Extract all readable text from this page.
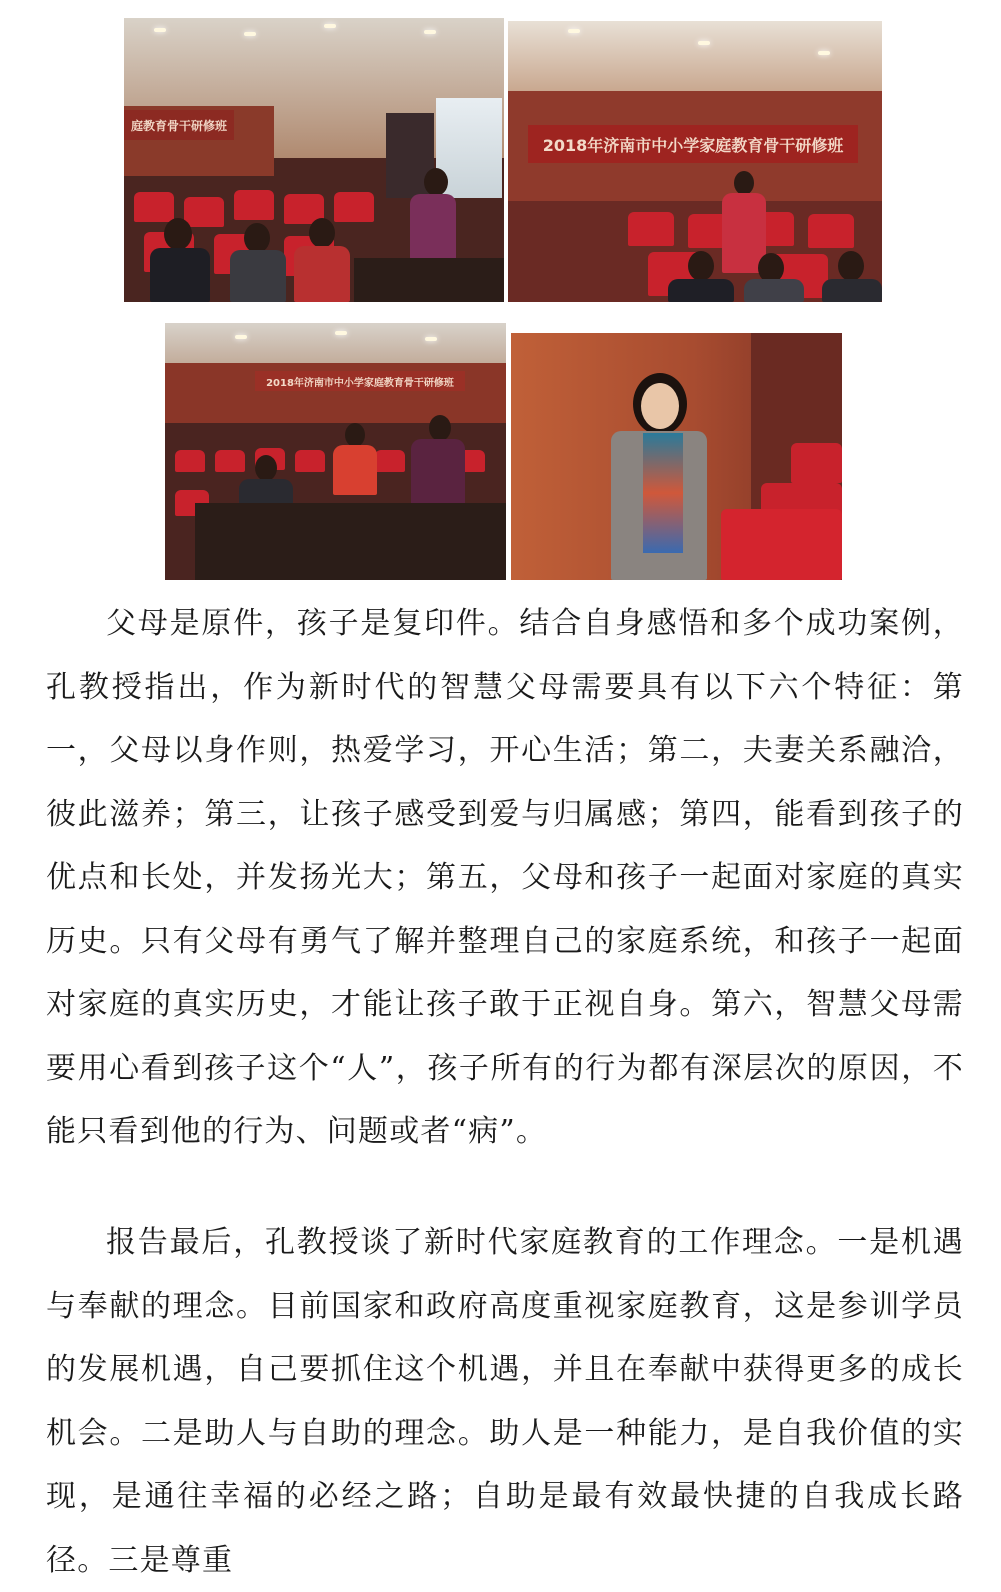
庭教育骨干研修班
2018年济南市中小学家庭教育骨干研修班
2018年济南市中小学家庭教育骨干研修班

父母是原件，孩子是复印件。结合自身感悟和多个成功案例，孔教授指出，作为新时代的智慧父母需要具有以下六个特征：第一，父母以身作则，热爱学习，开心生活；第二，夫妻关系融洽，彼此滋养；第三，让孩子感受到爱与归属感；第四，能看到孩子的优点和长处，并发扬光大；第五，父母和孩子一起面对家庭的真实历史。只有父母有勇气了解并整理自己的家庭系统，和孩子一起面对家庭的真实历史，才能让孩子敢于正视自身。第六，智慧父母需要用心看到孩子这个“人”，孩子所有的行为都有深层次的原因，不能只看到他的行为、问题或者“病”。

报告最后，孔教授谈了新时代家庭教育的工作理念。一是机遇与奉献的理念。目前国家和政府高度重视家庭教育，这是参训学员的发展机遇，自己要抓住这个机遇，并且在奉献中获得更多的成长机会。二是助人与自助的理念。助人是一种能力，是自我价值的实现，是通往幸福的必经之路；自助是最有效最快捷的自我成长路径。三是尊重
